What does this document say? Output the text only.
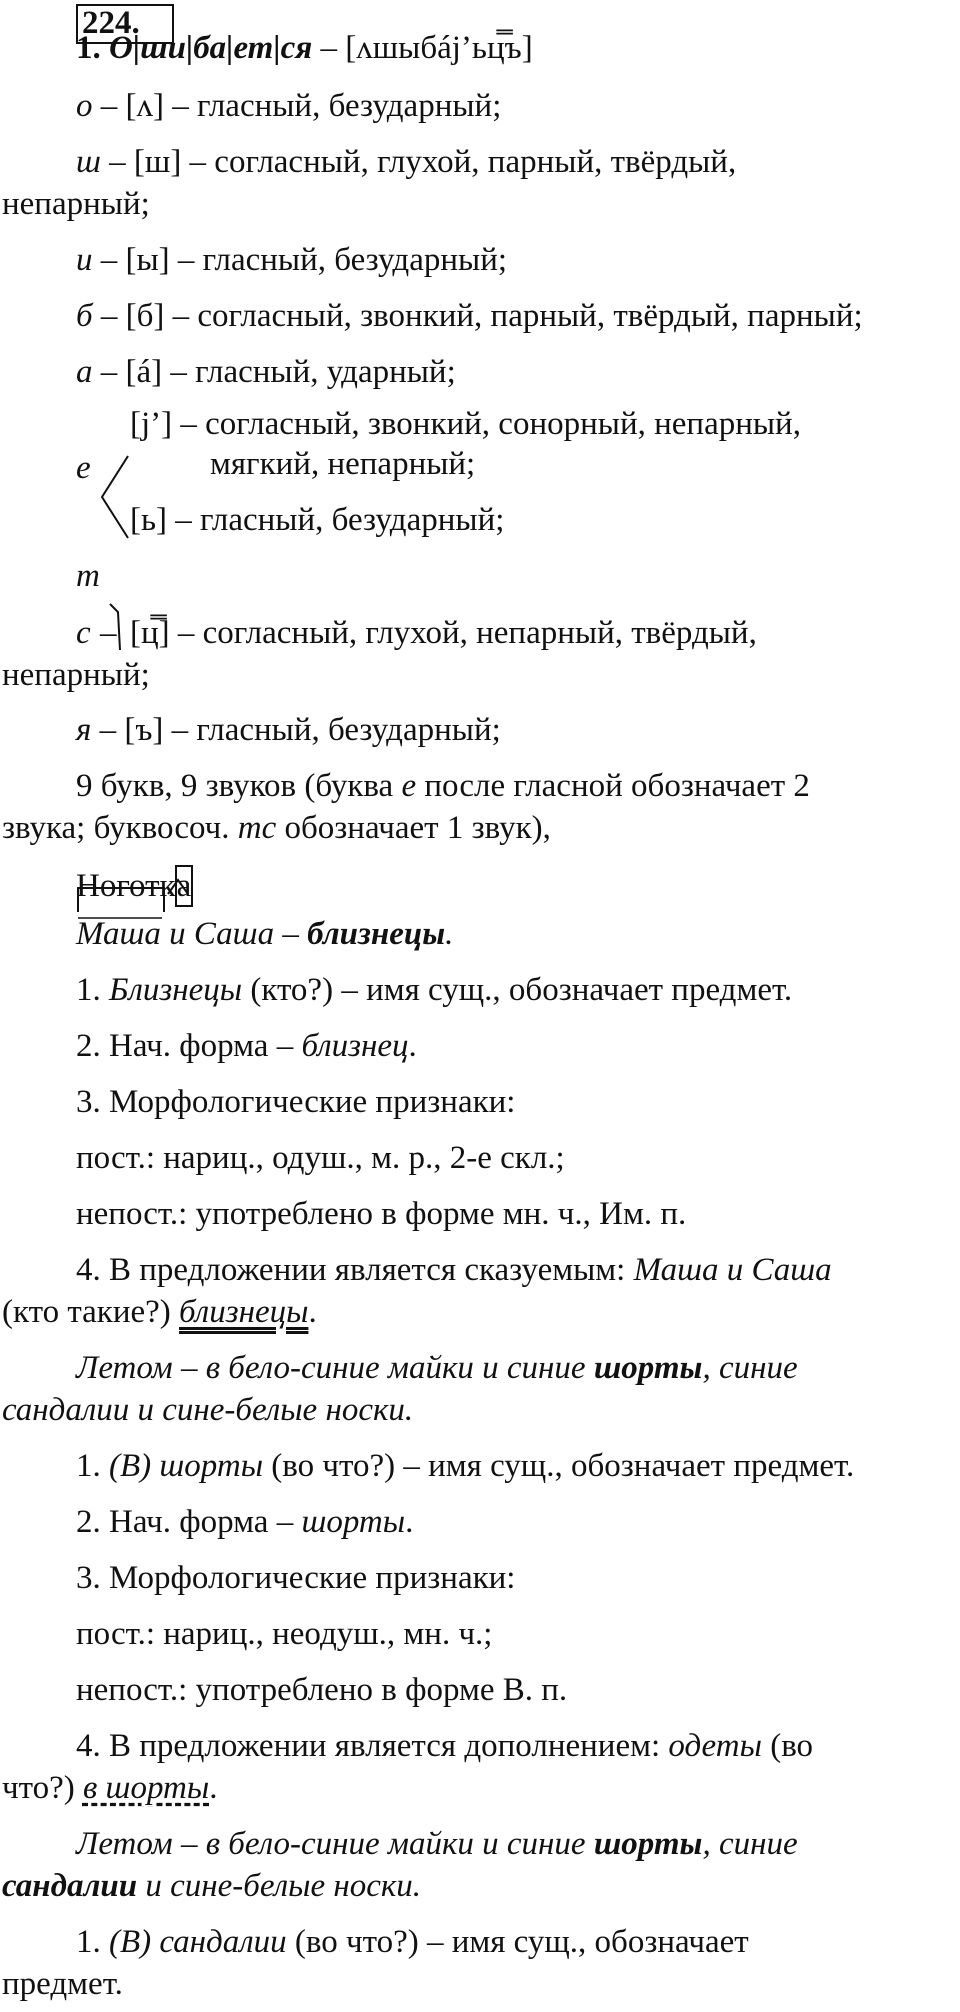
224.
1. О|ши|ба|ет|ся – [ʌшыбáj’ьц̿ъ]
о – [ʌ] – гласный, безударный;
ш – [ш] – согласный, глухой, парный, твёрдый,
непарный;
и – [ы] – гласный, безударный;
б – [б] – согласный, звонкий, парный, твёрдый, парный;
а – [á] – гласный, ударный;
[j’] – согласный, звонкий, сонорный, непарный,
мягкий, непарный;
[ь] – гласный, безударный;
т
[ц̿] – согласный, глухой, непарный, твёрдый,
непарный;
я – [ъ] – гласный, безударный;
9 букв, 9 звуков (буква е после гласной обозначает 2
звука; буквосоч. тс обозначает 1 звук),
Маша и Саша – близнецы.
1. Близнецы (кто?) – имя сущ., обозначает предмет.
2. Нач. форма – близнец.
3. Морфологические признаки:
пост.: нариц., одуш., м. р., 2-е скл.;
непост.: употреблено в форме мн. ч., Им. п.
4. В предложении является сказуемым: Маша и Саша
(кто такие?) близнецы.
Летом – в бело-синие майки и синие шорты, синие
сандалии и сине-белые носки.
1. (В) шорты (во что?) – имя сущ., обозначает предмет.
2. Нач. форма – шорты.
3. Морфологические признаки:
пост.: нариц., неодуш., мн. ч.;
непост.: употреблено в форме В. п.
4. В предложении является дополнением: одеты (во
что?) в шорты.
Летом – в бело-синие майки и синие шорты, синие
сандалии и сине-белые носки.
1. (В) сандалии (во что?) – имя сущ., обозначает
предмет.
е
с –
Ноготка
